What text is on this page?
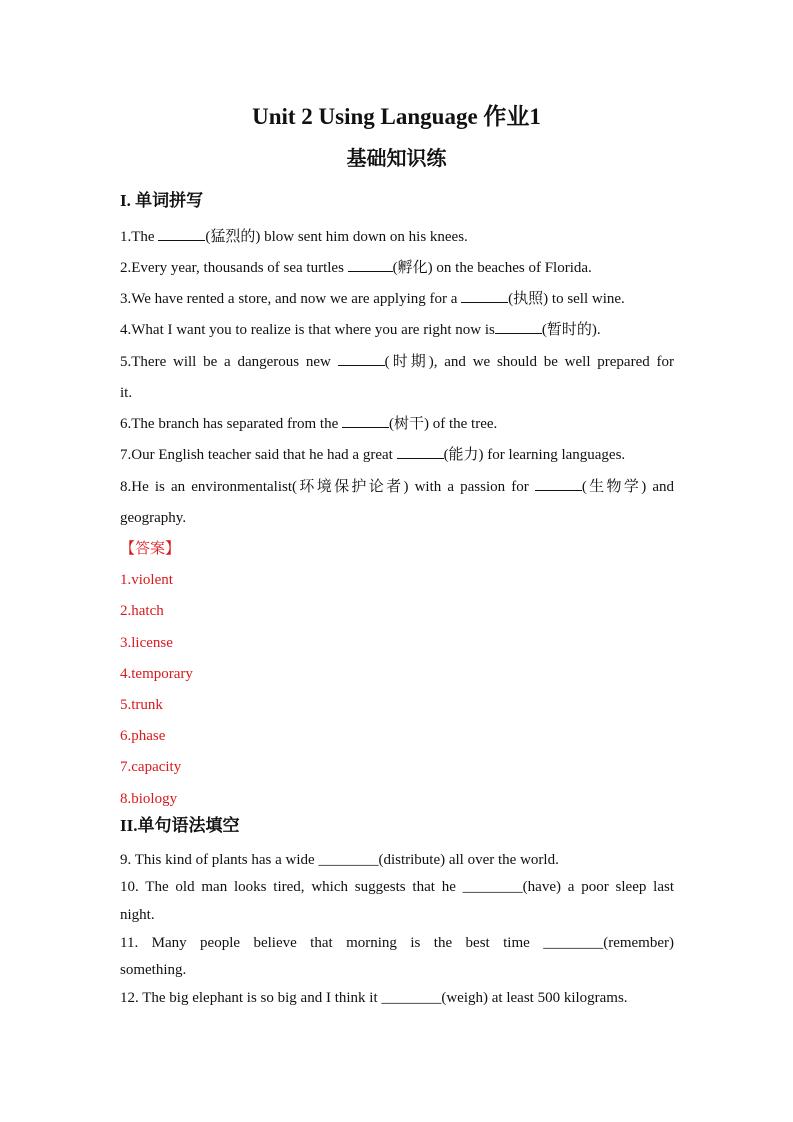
Unit 2 Using Language 作业1
基础知识练
I. 单词拼写
1.The	(猛烈的) blow sent him down on his knees.
2.Every year, thousands of sea turtles	(孵化) on the beaches of Florida.
3.We have rented a store, and now we are applying for a	(执照) to sell wine.
4.What I want you to realize is that where you are right now is	(暂时的).
5.There will be a dangerous new	(时期), and we should be well prepared for
it.
6.The branch has separated from the	(树干) of the tree.
7.Our English teacher said that he had a great	(能力) for learning languages.
8.He is an environmentalist(环境保护论者) with a passion for	(生物学) and
geography.
【答案】
1.violent
2.hatch
3.license
4.temporary
5.trunk
6.phase
7.capacity
8.biology
II.单句语法填空
9. This kind of plants has a wide ________(distribute) all over the world.
10. The old man looks tired, which suggests that he ________(have) a poor sleep last
night.
11. Many people believe that morning is the best time ________(remember)
something.
12. The big elephant is so big and I think it ________(weigh) at least 500 kilograms.
